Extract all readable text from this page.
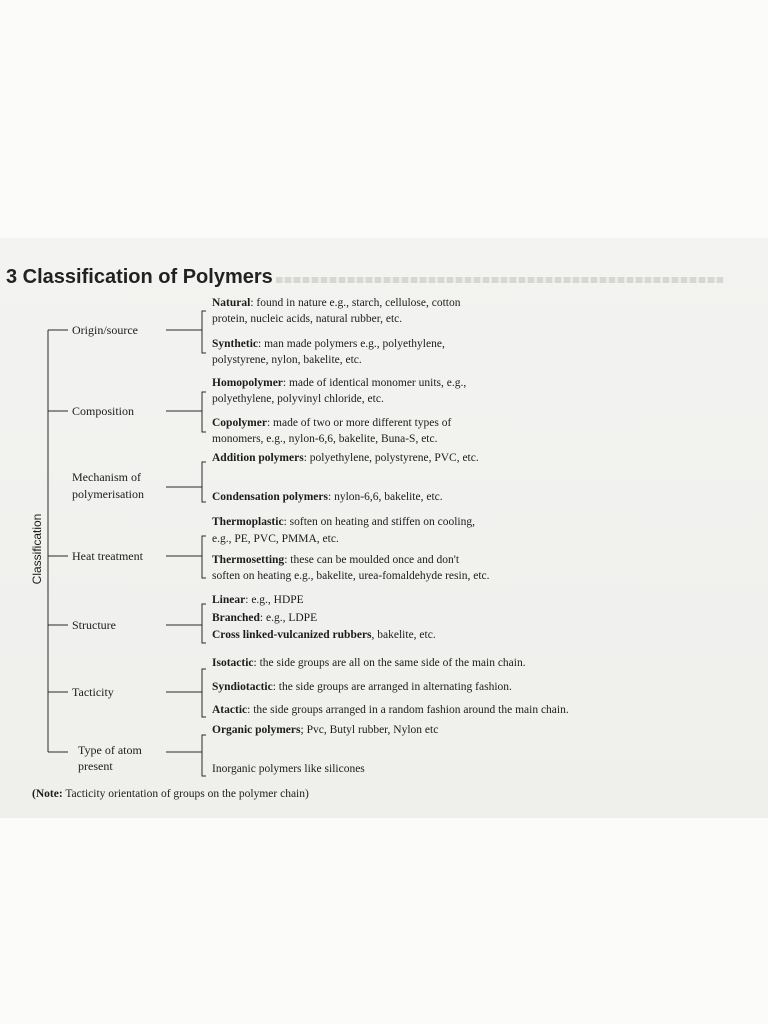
3 Classification of Polymers
Classification
Origin/source
Composition
Mechanism of
polymerisation
Heat treatment
Structure
Tacticity
Type of atom
present
Natural: found in nature e.g., starch, cellulose, cotton
protein, nucleic acids, natural rubber, etc.
Synthetic: man made polymers e.g., polyethylene,
polystyrene, nylon, bakelite, etc.
Homopolymer: made of identical monomer units, e.g.,
polyethylene, polyvinyl chloride, etc.
Copolymer: made of two or more different types of
monomers, e.g., nylon-6,6, bakelite, Buna-S, etc.
Addition polymers: polyethylene, polystyrene, PVC, etc.
Condensation polymers: nylon-6,6, bakelite, etc.
Thermoplastic: soften on heating and stiffen on cooling,
e.g., PE, PVC, PMMA, etc.
Thermosetting: these can be moulded once and don't
soften on heating e.g., bakelite, urea-fomaldehyde resin, etc.
Linear: e.g., HDPE
Branched: e.g., LDPE
Cross linked-vulcanized rubbers, bakelite, etc.
Isotactic: the side groups are all on the same side of the main chain.
Syndiotactic: the side groups are arranged in alternating fashion.
Atactic: the side groups arranged in a random fashion around the main chain.
Organic polymers; Pvc, Butyl rubber, Nylon etc
Inorganic polymers like silicones
(Note: Tacticity orientation of groups on the polymer chain)
